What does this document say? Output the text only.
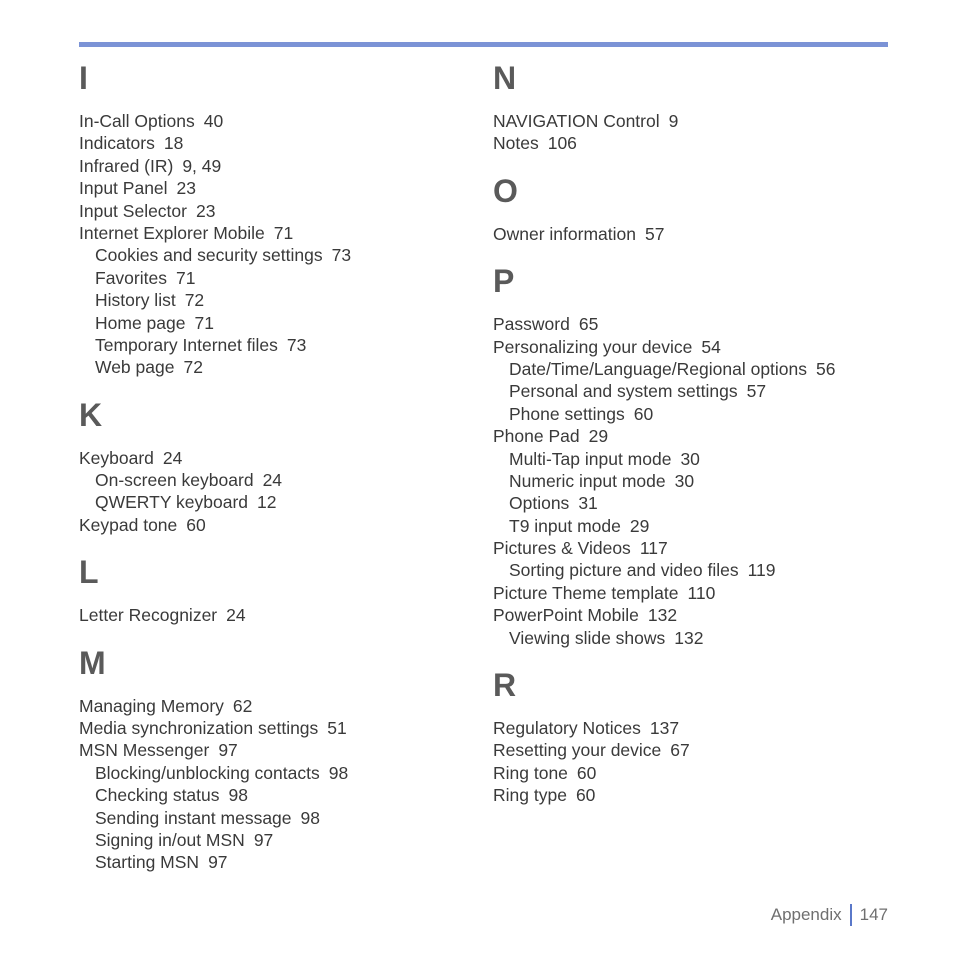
I
In-Call Options 40
Indicators 18
Infrared (IR) 9, 49
Input Panel 23
Input Selector 23
Internet Explorer Mobile 71
Cookies and security settings 73
Favorites 71
History list 72
Home page 71
Temporary Internet files 73
Web page 72
K
Keyboard 24
On-screen keyboard 24
QWERTY keyboard 12
Keypad tone 60
L
Letter Recognizer 24
M
Managing Memory 62
Media synchronization settings 51
MSN Messenger 97
Blocking/unblocking contacts 98
Checking status 98
Sending instant message 98
Signing in/out MSN 97
Starting MSN 97
N
NAVIGATION Control 9
Notes 106
O
Owner information 57
P
Password 65
Personalizing your device 54
Date/Time/Language/Regional options 56
Personal and system settings 57
Phone settings 60
Phone Pad 29
Multi-Tap input mode 30
Numeric input mode 30
Options 31
T9 input mode 29
Pictures & Videos 117
Sorting picture and video files 119
Picture Theme template 110
PowerPoint Mobile 132
Viewing slide shows 132
R
Regulatory Notices 137
Resetting your device 67
Ring tone 60
Ring type 60
Appendix 147
